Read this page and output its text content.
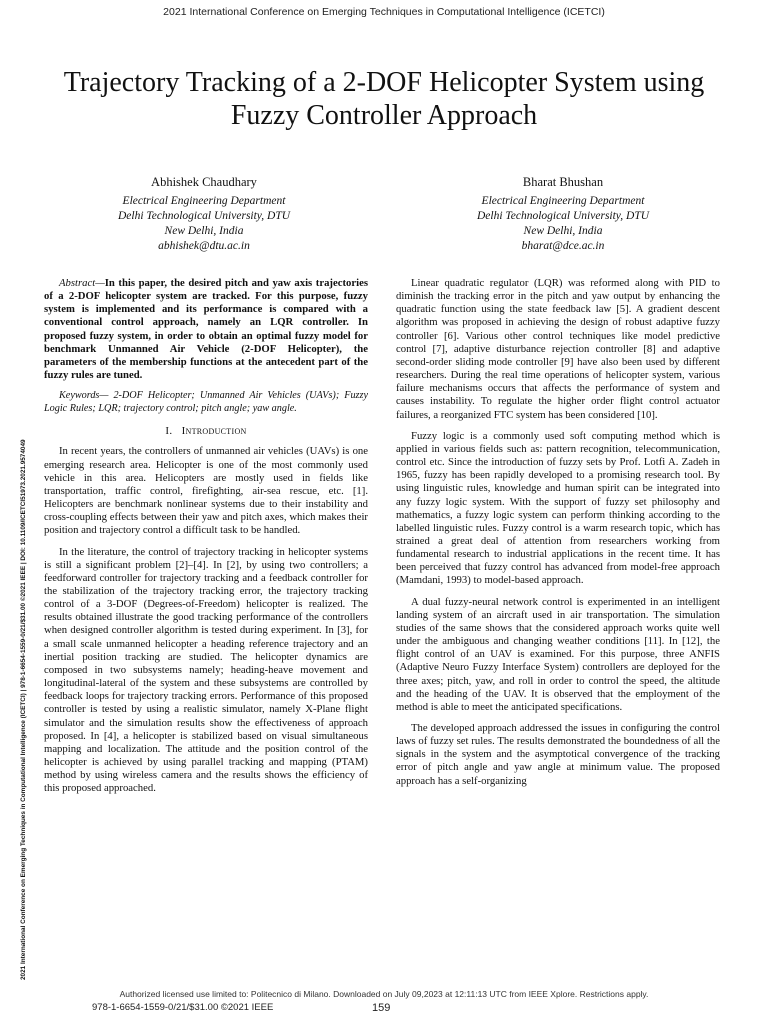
2021 International Conference on Emerging Techniques in Computational Intelligence (ICETCI)
Trajectory Tracking of a 2-DOF Helicopter System using Fuzzy Controller Approach
Abhishek Chaudhary
Electrical Engineering Department
Delhi Technological University, DTU
New Delhi, India
abhishek@dtu.ac.in
Bharat Bhushan
Electrical Engineering Department
Delhi Technological University, DTU
New Delhi, India
bharat@dce.ac.in
2021 International Conference on Emerging Techniques in Computational Intelligence (ICETCI) | 978-1-6654-1559-0/21/$31.00 ©2021 IEEE | DOI: 10.1109/ICETCI51973.2021.9574049

Abstract—In this paper, the desired pitch and yaw axis trajectories of a 2-DOF helicopter system are tracked. For this purpose, fuzzy system is implemented and its performance is compared with a conventional control approach, namely an LQR controller. In proposed fuzzy system, in order to obtain an optimal fuzzy model for benchmark Unmanned Air Vehicle (2-DOF Helicopter), the parameters of the membership functions at the antecedent part of the fuzzy rules are tuned.

Keywords— 2-DOF Helicopter; Unmanned Air Vehicles (UAVs); Fuzzy Logic Rules; LQR; trajectory control; pitch angle; yaw angle.

I. Introduction

In recent years, the controllers of unmanned air vehicles (UAVs) is one emerging research area. Helicopter is one of the most commonly used vehicle in this area. Helicopters are mostly used in fields like transportation, traffic control, firefighting, air-sea rescue, etc. [1]. Helicopters are benchmark nonlinear systems due to their instability and cross-coupling effects between their yaw and pitch axes, which makes their position and trajectory control a difficult task to be handled.

In the literature, the control of trajectory tracking in helicopter systems is still a significant problem [2]–[4]. In [2], by using two controllers; a feedforward controller for trajectory tracking and a feedback controller for the stabilization of the trajectory tracking error, the trajectory tracking control of a 3-DOF (Degrees-of-Freedom) helicopter is realized. The results obtained illustrate the good tracking performance of the controllers when designed controller algorithm is tested during experiment. In [3], for a small scale unmanned helicopter a heading reference trajectory and an inertial position tracking are studied. The helicopter dynamics are composed in two subsystems namely; heading-heave movement and longitudinal-lateral of the system and these subsystems are controlled by feedback loops for trajectory tracking errors. Performance of this proposed controller is tested by using a realistic simulator, namely X-Plane flight simulator and the simulation results show the effectiveness of approach proposed. In [4], a helicopter is stabilized based on visual simultaneous mapping and localization. The attitude and the position control of the helicopter is achieved by using parallel tracking and mapping (PTAM) method by using wireless camera and the results shows the efficiency of this proposed approached.

Linear quadratic regulator (LQR) was reformed along with PID to diminish the tracking error in the pitch and yaw output by enhancing the quadratic function using the state feedback law [5]. A gradient descent algorithm was proposed in achieving the design of robust adaptive fuzzy controller [6]. Various other control techniques like model predictive control [7], adaptive disturbance rejection controller [8] and adaptive second-order sliding mode controller [9] have also been used by different researchers. During the real time operations of helicopter system, various failure mechanisms occurs that affects the performance of system and causes instability. To regulate the higher order flight control actuator failures, a reorganized FTC system has been considered [10].

Fuzzy logic is a commonly used soft computing method which is applied in various fields such as: pattern recognition, telecommunication, control etc. Since the introduction of fuzzy sets by Prof. Lotfi A. Zadeh in 1965, fuzzy has been rapidly developed to a promising research tool. By using linguistic rules, knowledge and human spirit can be integrated into any fuzzy logic system. With the support of fuzzy set philosophy and mathematics, a fuzzy logic system can perform thinking according to the labelled linguistic rules. Fuzzy control is a warm research topic, which has strained a great deal of attention from researchers working from fundamental research to industrial applications in the recent time. It has been perceived that fuzzy control has advanced from model-free approach (Mamdani, 1993) to model-based approach.

A dual fuzzy-neural network control is experimented in an intelligent landing system of an aircraft used in air transportation. The simulation studies of the same shows that the considered approach works quite well under the ambiguous and changing weather conditions [11]. In [12], the flight control of an UAV is examined. For this purpose, three ANFIS (Adaptive Neuro Fuzzy Interface System) controllers are deployed for the three axes; pitch, yaw, and roll in order to control the speed, the altitude and the heading of the UAV. It is observed that the employment of the method is able to meet the anticipated specifications.

The developed approach addressed the issues in configuring the control laws of fuzzy set rules. The results demonstrated the boundedness of all the signals in the system and the asymptotical convergence of the tracking error of pitch angle and yaw angle at minimum value. The proposed approach has a self-organizing

Authorized licensed use limited to: Politecnico di Milano. Downloaded on July 09,2023 at 12:11:13 UTC from IEEE Xplore. Restrictions apply.
978-1-6654-1559-0/21/$31.00 ©2021 IEEE	159
